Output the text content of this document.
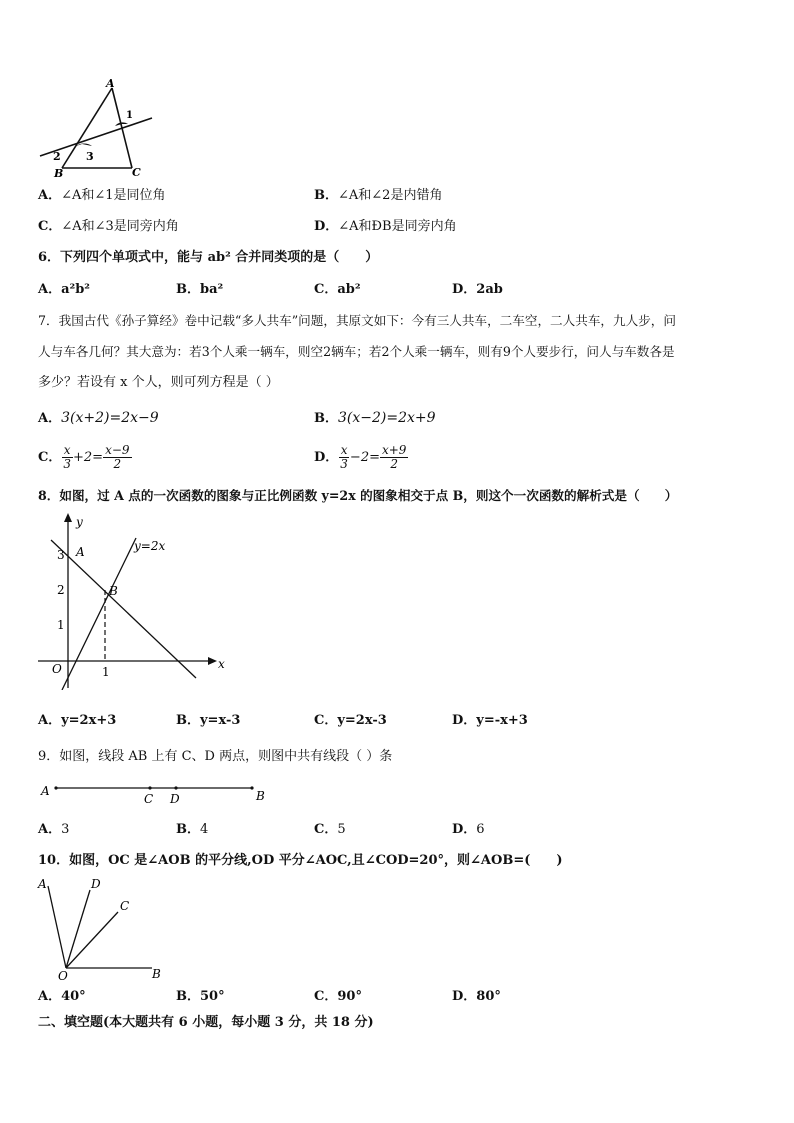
A
1
2 3
B	C
A．∠A和∠1是同位角	B．∠A和∠2是内错角
C．∠A和∠3是同旁内角	D．∠A和ÐB是同旁内角
6．下列四个单项式中，能与 ab² 合并同类项的是（　　）
A．a²b²	B．ba²	C．ab²	D．2ab
7．我国古代《孙子算经》卷中记载“多人共车”问题，其原文如下：今有三人共车，二车空，二人共车，九人步，问
人与车各几何？其大意为：若3个人乘一辆车，则空2辆车；若2个人乘一辆车，则有9个人要步行，问人与车数各是
多少？若设有 x 个人，则可列方程是（ ）
A．3(x+2)=2x−9	B．3(x−2)=2x+9
C． $\frac{x}{3} +2= \frac{x-9}{2}$	D． $\frac{x}{3} -2= \frac{x+9}{2}$
8．如图，过 A 点的一次函数的图象与正比例函数 y=2x 的图象相交于点 B，则这个一次函数的解析式是（　　）
y
x
y=2x
3
2
1
A
B
O	1
A．y=2x+3	B．y=x-3	C．y=2x-3	D．y=-x+3
9．如图，线段 AB 上有 C、D 两点，则图中共有线段（ ）条
A
C D	B
A．3	B．4	C．5	D．6
10．如图，OC 是∠AOB 的平分线,OD 平分∠AOC,且∠COD=20°，则∠AOB=(　　)
A	D
C
O	B
A．40°	B．50°	C．90°	D．80°
二、填空题(本大题共有 6 小题，每小题 3 分，共 18 分)
